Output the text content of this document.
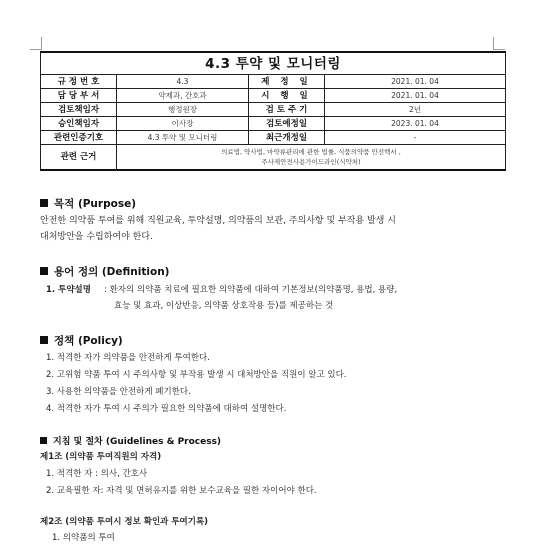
4.3 투약 및 모니터링			
규 정 번 호	4.3	제 정 일	2021. 01. 04
담 당 부 서	약제과, 간호과	시 행 일	2021. 01. 04
검토책임자	행정원장	검 토 주 기	2년
승인책임자	이사장	검토예정일	2023. 01. 04
관련인증기호	4.3 투약 및 모니터링	최근개정일	-
관련 근거	의료법, 약사법, 마약류관리에 관한 법률, 식품의약품 안전백서 ,
주사제안전사용가이드라인(식약처)		
목적 (Purpose)
안전한 의약품 투여를 위해 직원교육, 투약설명, 의약품의 보관, 주의사항 및 부작용 발생 시
대처방안을 수립하여야 한다.
용어 정의 (Definition)
1. 투약설명 : 환자의 의약품 치료에 필요한 의약품에 대하여 기본정보(의약품명, 용법, 용량,
효능 및 효과, 이상반응, 의약품 상호작용 등)를 제공하는 것
정책 (Policy)
1. 적격한 자가 의약품을 안전하게 투여한다.
2. 고위험 약품 투여 시 주의사항 및 부작용 발생 시 대처방안을 직원이 알고 있다.
3. 사용한 의약품을 안전하게 폐기한다.
4. 적격한 자가 투여 시 주의가 필요한 의약품에 대하여 설명한다.
지침 및 절차 (Guidelines & Process)
제1조 (의약품 투여직원의 자격)
1. 적격한 자 : 의사, 간호사
2. 교육필한 자: 자격 및 면허유지를 위한 보수교육을 필한 자이어야 한다.
제2조 (의약품 투여시 정보 확인과 투여기록)
1. 의약품의 투여
